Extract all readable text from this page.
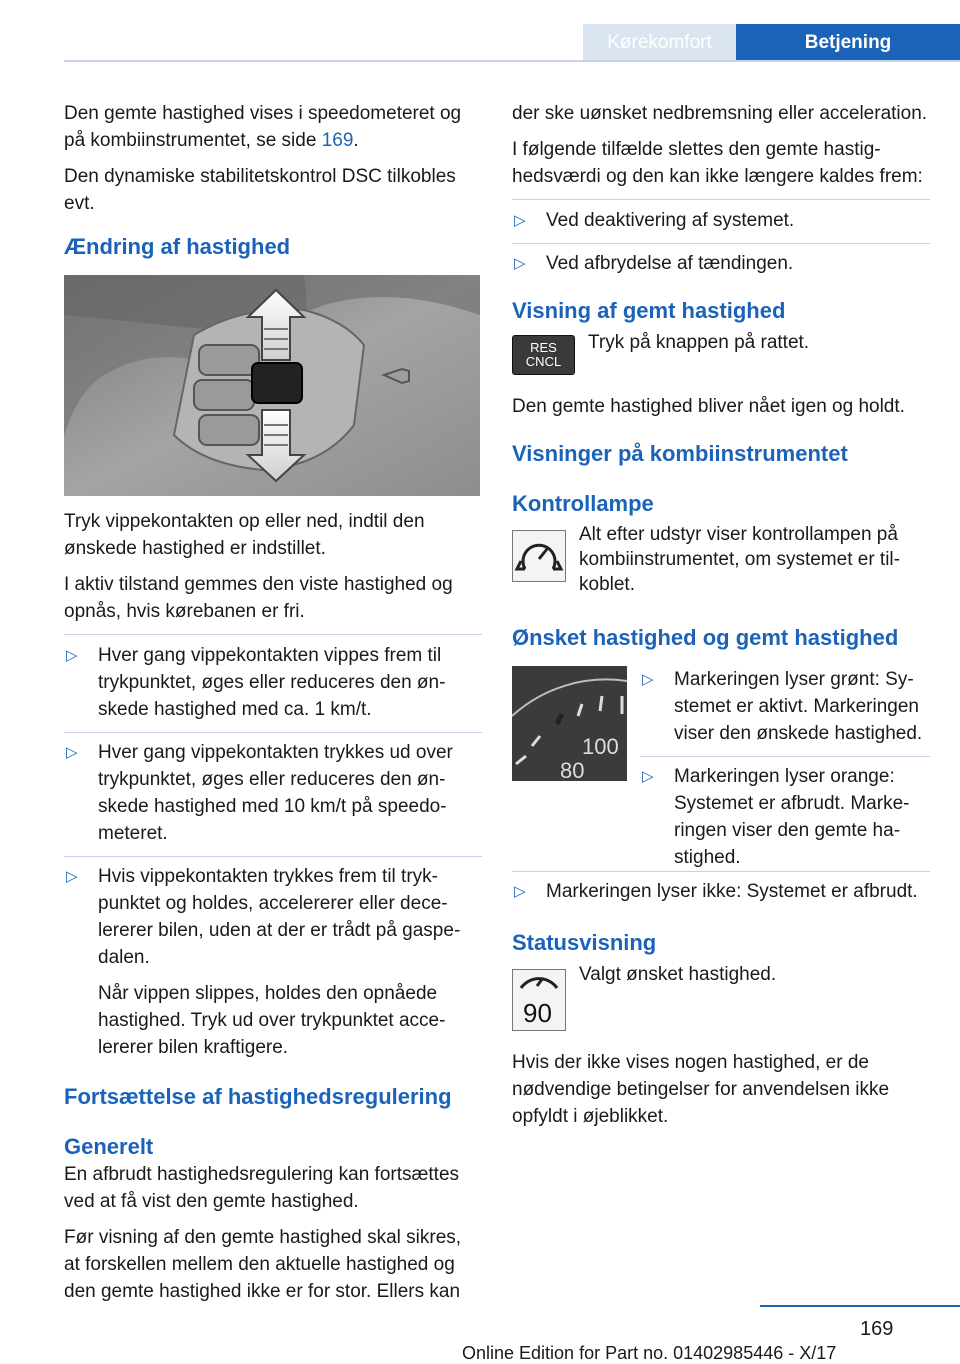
Kørekomfort	Betjening

Den gemte hastighed vises i speedometeret og på kombiinstrumentet, se side 169.

Den dynamiske stabilitetskontrol DSC tilkobles evt.

Ændring af hastighed

Tryk vippekontakten op eller ned, indtil den ønskede hastighed er indstillet.

I aktiv tilstand gemmes den viste hastighed og opnås, hvis kørebanen er fri.

▷ Hver gang vippekontakten vippes frem til trykpunktet, øges eller reduceres den ønskede hastighed med ca. 1 km/t.
▷ Hver gang vippekontakten trykkes ud over trykpunktet, øges eller reduceres den ønskede hastighed med 10 km/t på speedometeret.
▷ Hvis vippekontakten trykkes frem til trykpunktet og holdes, accelererer eller decelererer bilen, uden at der er trådt på gaspedalen.
Når vippen slippes, holdes den opnåede hastighed. Tryk ud over trykpunktet accelererer bilen kraftigere.
Fortsættelse af hastighedsregulering
Generelt

En afbrudt hastighedsregulering kan fortsættes ved at få vist den gemte hastighed.

Før visning af den gemte hastighed skal sikres, at forskellen mellem den aktuelle hastighed og den gemte hastighed ikke er for stor. Ellers kan

der ske uønsket nedbremsning eller acceleration.

I følgende tilfælde slettes den gemte hastighedsværdi og den kan ikke længere kaldes frem:

▷ Ved deaktivering af systemet.
▷ Ved afbrydelse af tændingen.
Visning af gemt hastighed
RES
CNCL
Tryk på knappen på rattet.

Den gemte hastighed bliver nået igen og holdt.

Visninger på kombiinstrumentet
Kontrollampe
Alt efter udstyr viser kontrollampen på kombiinstrumentet, om systemet er tilkoblet.
Ønsket hastighed og gemt hastighed
100
80
▷ Markeringen lyser grønt: Systemet er aktivt. Markeringen viser den ønskede hastighed.
▷ Markeringen lyser orange: Systemet er afbrudt. Markeringen viser den gemte hastighed.
▷ Markeringen lyser ikke: Systemet er afbrudt.
Statusvisning
90
Valgt ønsket hastighed.

Hvis der ikke vises nogen hastighed, er de nødvendige betingelser for anvendelsen ikke opfyldt i øjeblikket.

169
Online Edition for Part no. 01402985446 - X/17
